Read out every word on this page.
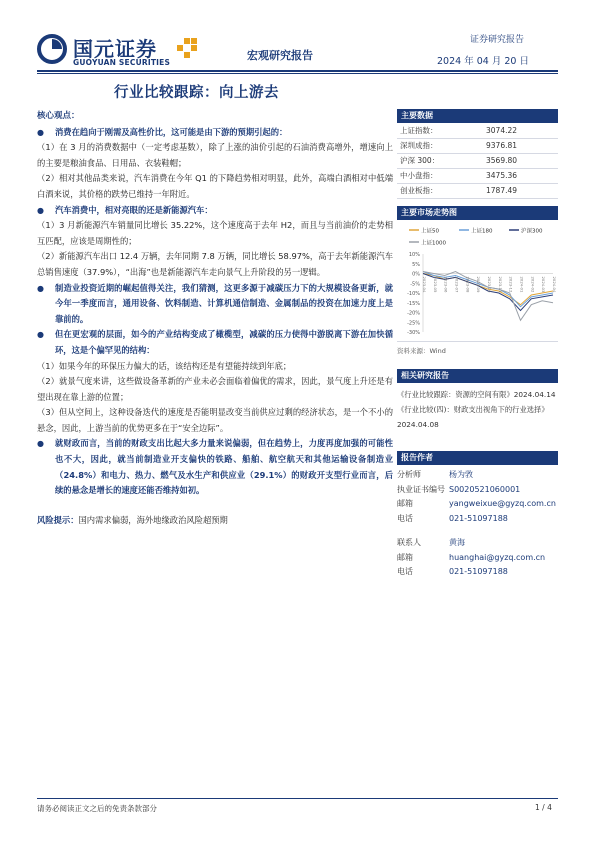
国元证券
GUOYUAN SECURITIES
宏观研究报告
证券研究报告
2024 年 04 月 20 日
行业比较跟踪：向上游去
核心观点：
● 消费在趋向于刚需及高性价比，这可能是由下游的预期引起的：
（1）在 3 月的消费数据中（一定考虑基数），除了上涨的油价引起的石油消费高增外，增速向上的主要是粮油食品、日用品、衣装鞋帽；
（2）相对其他品类来说，汽车消费在今年 Q1 的下降趋势相对明显，此外，高端白酒相对中低端白酒来说，其价格的跌势已维持一年附近。
● 汽车消费中，相对亮眼的还是新能源汽车：
（1）3 月新能源汽车销量同比增长 35.22%，这个速度高于去年 H2，而且与当前油价的走势相互匹配，应该是周期性的；
（2）新能源汽车出口 12.4 万辆，去年同期 7.8 万辆，同比增长 58.97%，高于去年新能源汽车总销售速度（37.9%），“出海”也是新能源汽车走向景气上升阶段的另一逻辑。
● 制造业投资近期的崛起值得关注，我们猜测，这更多源于减碳压力下的大规模设备更新，就今年一季度而言，通用设备、饮料制造、计算机通信制造、金属制品的投资在加速力度上是靠前的。
● 但在更宏观的层面，如今的产业结构变成了橄榄型，减碳的压力使得中游脱离下游在加快循环，这是个偏罕见的结构：
（1）如果今年的环保压力偏大的话，该结构还是有望能持续到年底；
（2）就景气度来讲，这些做设备革新的产业未必会面临着偏优的需求，因此，景气度上升还是有望出现在靠上游的位置；
（3）但从空间上，这种设备迭代的速度是否能明显改变当前供应过剩的经济状态，是一个不小的悬念，因此，上游当前的优势更多在于“安全边际”。
● 就财政而言，当前的财政支出比起大多力量来说偏弱，但在趋势上，力度再度加强的可能性也不大，因此，就当前制造业开支偏快的铁路、船舶、航空航天和其他运输设备制造业（24.8%）和电力、热力、燃气及水生产和供应业（29.1%）的财政开支型行业而言，后续的悬念是增长的速度还能否维持如初。
风险提示：国内需求偏弱，海外地缘政治风险超预期
主要数据
上证指数：	3074.22
深圳成指：	9376.81
沪深 300：	3569.80
中小盘指：	3475.36
创业板指：	1787.49
主要市场走势图
上证50	上证180	沪深300
上证1000
10%
5%
0%
-5%
-10%
-15%
-20%
-25%
-30%
2023-04 2023-05 2023-06 2023-07 2023-08 2023-09 2023-10 2023-11 2023-12 2024-01 2024-02 2024-03 2024-04
资料来源：Wind
相关研究报告
《行业比较跟踪：资源的空间有限》2024.04.14
《行业比较(四)：财政支出视角下的行业选择》2024.04.08
报告作者
分析师	杨为敩
执业证书编号 S0020521060001
邮箱	yangweixue@gyzq.com.cn
电话	021-51097188
联系人	黄海
邮箱	huanghai@gyzq.com.cn
电话	021-51097188
请务必阅读正文之后的免责条款部分	1 / 4
